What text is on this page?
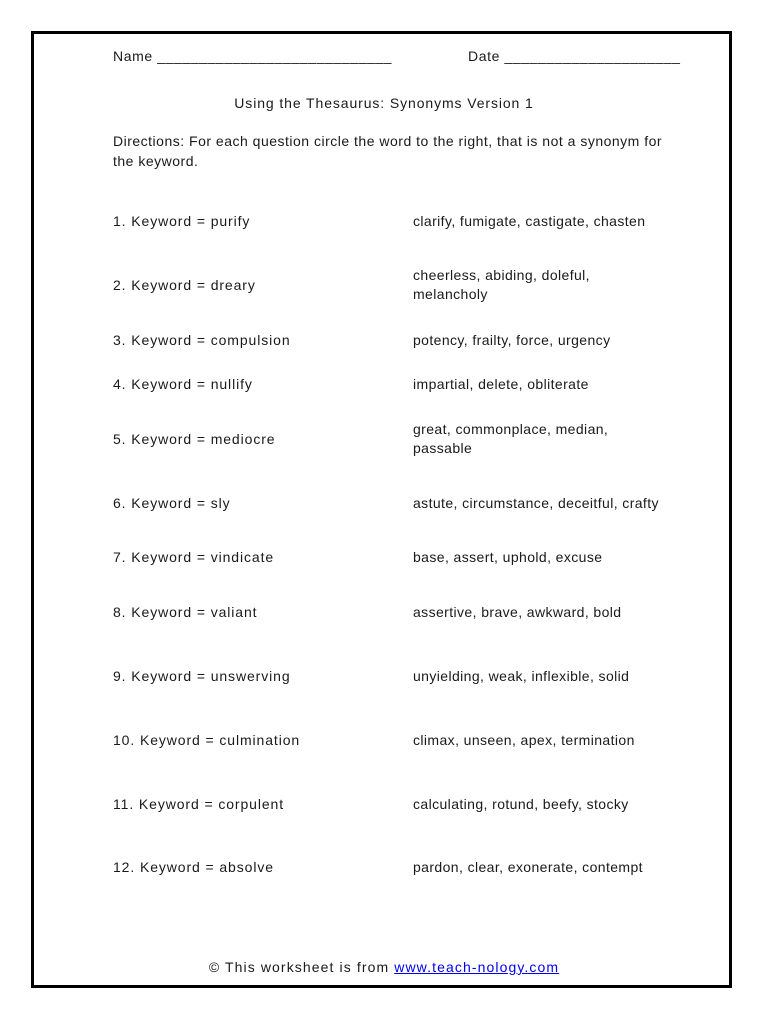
Name ____________________________	Date _____________________
Using the Thesaurus: Synonyms Version 1
Directions: For each question circle the word to the right, that is not a synonym for the keyword.
1. Keyword = purify	clarify, fumigate, castigate, chasten
2. Keyword = dreary
cheerless, abiding, doleful, melancholy
3. Keyword = compulsion	potency, frailty, force, urgency
4. Keyword = nullify	impartial, delete, obliterate
5. Keyword = mediocre
great, commonplace, median, passable
6. Keyword = sly	astute, circumstance, deceitful, crafty
7. Keyword = vindicate	base, assert, uphold, excuse
8. Keyword = valiant	assertive, brave, awkward, bold
9. Keyword = unswerving	unyielding, weak, inflexible, solid
10. Keyword = culmination	climax, unseen, apex, termination
11. Keyword = corpulent	calculating, rotund, beefy, stocky
12. Keyword = absolve	pardon, clear, exonerate, contempt
© This worksheet is from www.teach-nology.com
